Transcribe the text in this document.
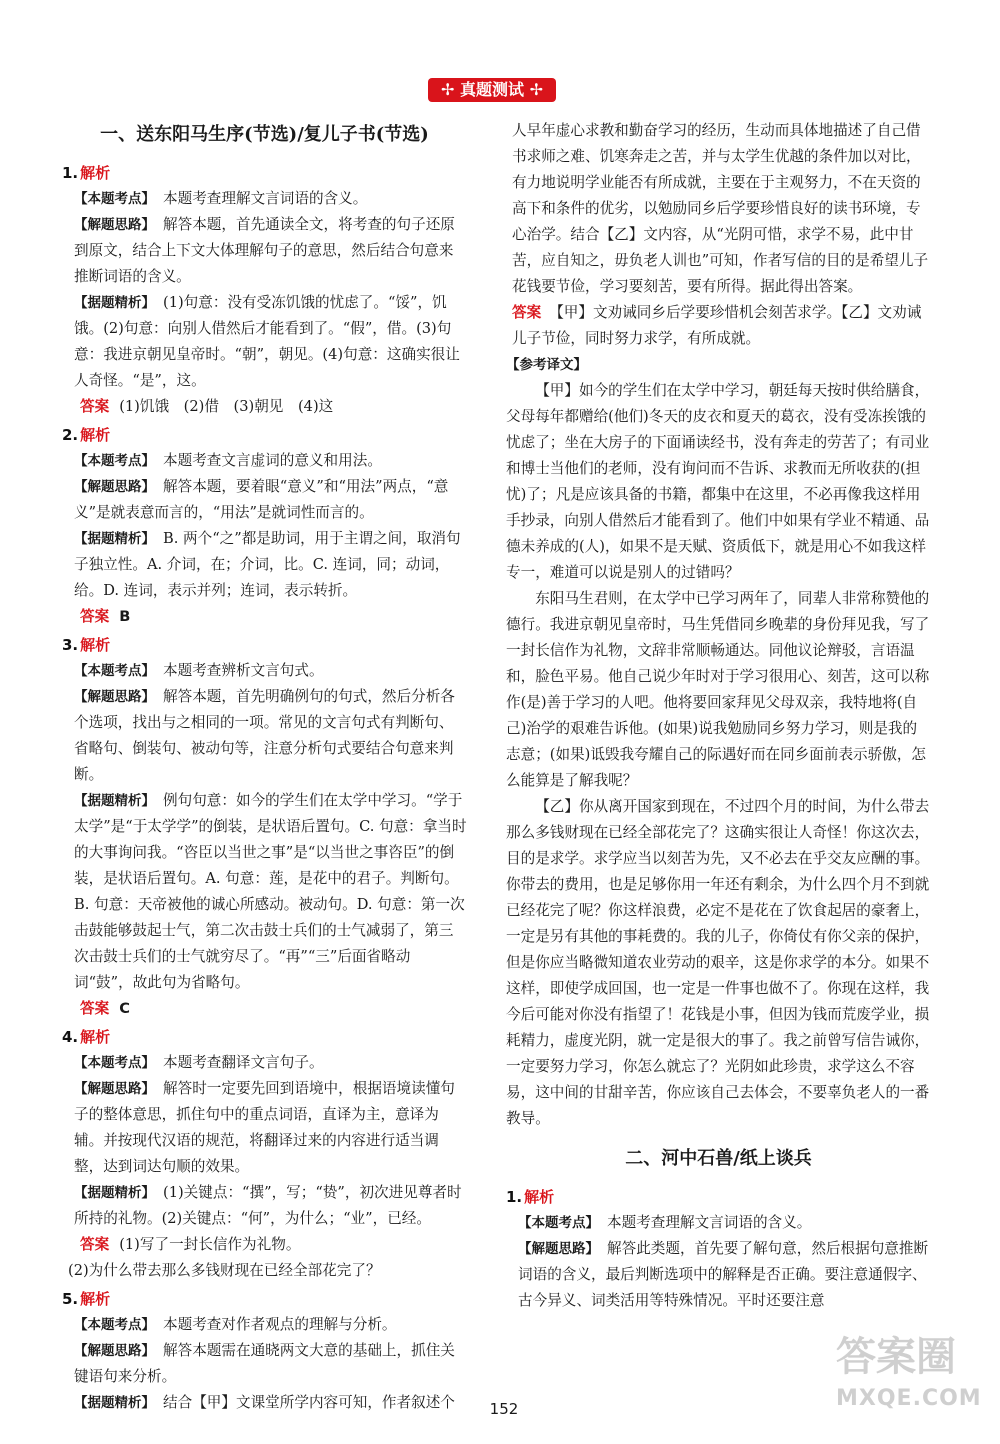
✢ 真题测试 ✢
一、送东阳马生序(节选)/复儿子书(节选)
1. 解析

【本题考点】 本题考查理解文言词语的含义。

【解题思路】 解答本题，首先通读全文，将考查的句子还原到原文，结合上下文大体理解句子的意思，然后结合句意来推断词语的含义。

【据题精析】 (1)句意：没有受冻饥饿的忧虑了。“馁”，饥饿。(2)句意：向别人借然后才能看到了。“假”，借。(3)句意：我进京朝见皇帝时。“朝”，朝见。(4)句意：这确实很让人奇怪。“是”，这。

答案 (1)饥饿　(2)借　(3)朝见　(4)这

2. 解析

【本题考点】 本题考查文言虚词的意义和用法。

【解题思路】 解答本题，要着眼“意义”和“用法”两点，“意义”是就表意而言的，“用法”是就词性而言的。

【据题精析】 B. 两个“之”都是助词，用于主谓之间，取消句子独立性。A. 介词，在；介词，比。C. 连词，同；动词，给。D. 连词，表示并列；连词，表示转折。

答案 B

3. 解析

【本题考点】 本题考查辨析文言句式。

【解题思路】 解答本题，首先明确例句的句式，然后分析各个选项，找出与之相同的一项。常见的文言句式有判断句、省略句、倒装句、被动句等，注意分析句式要结合句意来判断。

【据题精析】 例句句意：如今的学生们在太学中学习。“学于太学”是“于太学学”的倒装，是状语后置句。C. 句意：拿当时的大事询问我。“咨臣以当世之事”是“以当世之事咨臣”的倒装，是状语后置句。A. 句意：莲，是花中的君子。判断句。B. 句意：天帝被他的诚心所感动。被动句。D. 句意：第一次击鼓能够鼓起士气，第二次击鼓士兵们的士气减弱了，第三次击鼓士兵们的士气就穷尽了。“再”“三”后面省略动词“鼓”，故此句为省略句。

答案 C

4. 解析

【本题考点】 本题考查翻译文言句子。

【解题思路】 解答时一定要先回到语境中，根据语境读懂句子的整体意思，抓住句中的重点词语，直译为主，意译为辅。并按现代汉语的规范，将翻译过来的内容进行适当调整，达到词达句顺的效果。

【据题精析】 (1)关键点：“撰”，写；“贽”，初次进见尊者时所持的礼物。(2)关键点：“何”，为什么；“业”，已经。

答案 (1)写了一封长信作为礼物。

(2)为什么带去那么多钱财现在已经全部花完了？

5. 解析

【本题考点】 本题考查对作者观点的理解与分析。

【解题思路】 解答本题需在通晓两文大意的基础上，抓住关键语句来分析。

【据题精析】 结合【甲】文课堂所学内容可知，作者叙述个

人早年虚心求教和勤奋学习的经历，生动而具体地描述了自己借书求师之难、饥寒奔走之苦，并与太学生优越的条件加以对比，有力地说明学业能否有所成就，主要在于主观努力，不在天资的高下和条件的优劣，以勉励同乡后学要珍惜良好的读书环境，专心治学。结合【乙】文内容，从“光阴可惜，求学不易，此中甘苦，应自知之，毋负老人训也”可知，作者写信的目的是希望儿子花钱要节俭，学习要刻苦，要有所得。据此得出答案。

答案 【甲】文劝诫同乡后学要珍惜机会刻苦求学。【乙】文劝诫儿子节俭，同时努力求学，有所成就。

【参考译文】

【甲】如今的学生们在太学中学习，朝廷每天按时供给膳食，父母每年都赠给(他们)冬天的皮衣和夏天的葛衣，没有受冻挨饿的忧虑了；坐在大房子的下面诵读经书，没有奔走的劳苦了；有司业和博士当他们的老师，没有询问而不告诉、求教而无所收获的(担忧)了；凡是应该具备的书籍，都集中在这里，不必再像我这样用手抄录，向别人借然后才能看到了。他们中如果有学业不精通、品德未养成的(人)，如果不是天赋、资质低下，就是用心不如我这样专一，难道可以说是别人的过错吗？

东阳马生君则，在太学中已学习两年了，同辈人非常称赞他的德行。我进京朝见皇帝时，马生凭借同乡晚辈的身份拜见我，写了一封长信作为礼物，文辞非常顺畅通达。同他议论辩驳，言语温和，脸色平易。他自己说少年时对于学习很用心、刻苦，这可以称作(是)善于学习的人吧。他将要回家拜见父母双亲，我特地将(自己)治学的艰难告诉他。(如果)说我勉励同乡努力学习，则是我的志意；(如果)诋毁我夸耀自己的际遇好而在同乡面前表示骄傲，怎么能算是了解我呢？

【乙】你从离开国家到现在，不过四个月的时间，为什么带去那么多钱财现在已经全部花完了？这确实很让人奇怪！你这次去，目的是求学。求学应当以刻苦为先，又不必去在乎交友应酬的事。你带去的费用，也是足够你用一年还有剩余，为什么四个月不到就已经花完了呢？你这样浪费，必定不是花在了饮食起居的豪奢上，一定是另有其他的事耗费的。我的儿子，你倚仗有你父亲的保护，但是你应当略微知道农业劳动的艰辛，这是你求学的本分。如果不这样，即使学成回国，也一定是一件事也做不了。你现在这样，我今后可能对你没有指望了！花钱是小事，但因为钱而荒废学业，损耗精力，虚度光阴，就一定是很大的事了。我之前曾写信告诫你，一定要努力学习，你怎么就忘了？光阴如此珍贵，求学这么不容易，这中间的甘甜辛苦，你应该自己去体会，不要辜负老人的一番教导。

二、河中石兽/纸上谈兵
1. 解析

【本题考点】 本题考查理解文言词语的含义。

【解题思路】 解答此类题，首先要了解句意，然后根据句意推断词语的含义，最后判断选项中的解释是否正确。要注意通假字、古今异义、词类活用等特殊情况。平时还要注意

152
答案圈
MXQE.COM
